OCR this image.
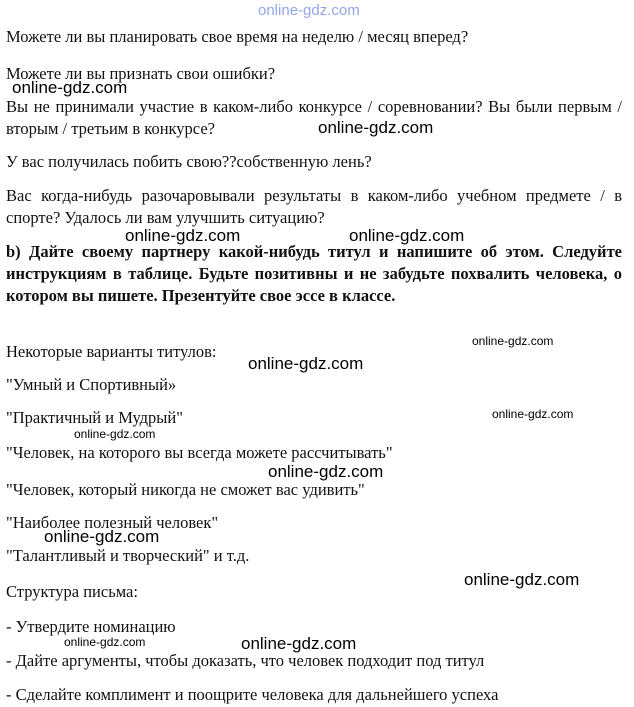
online-gdz.com
Можете ли вы планировать свое время на неделю / месяц вперед?
Можете ли вы признать свои ошибки?
online-gdz.com
Вы не принимали участие в каком-либо конкурсе / соревновании? Вы были первым / вторым / третьим в конкурсе?	online-gdz.com
У вас получилась побить свою??собственную лень?
Вас когда-нибудь разочаровывали результаты в каком-либо учебном предмете / в спорте? Удалось ли вам улучшить ситуацию?
online-gdz.com	online-gdz.com
b) Дайте своему партнеру какой-нибудь титул и напишите об этом. Следуйте инструкциям в таблице. Будьте позитивны и не забудьте похвалить человека, о котором вы пишете. Презентуйте свое эссе в классе.
online-gdz.com
Некоторые варианты титулов:
online-gdz.com
"Умный и Спортивный»
online-gdz.com
"Практичный и Мудрый"
online-gdz.com
"Человек, на которого вы всегда можете рассчитывать"
online-gdz.com
"Человек, который никогда не сможет вас удивить"
"Наиболее полезный человек"
online-gdz.com
"Талантливый и творческий" и т.д.
online-gdz.com
Структура письма:
- Утвердите номинацию
online-gdz.com	online-gdz.com
- Дайте аргументы, чтобы доказать, что человек подходит под титул
- Сделайте комплимент и поощрите человека для дальнейшего успеха
